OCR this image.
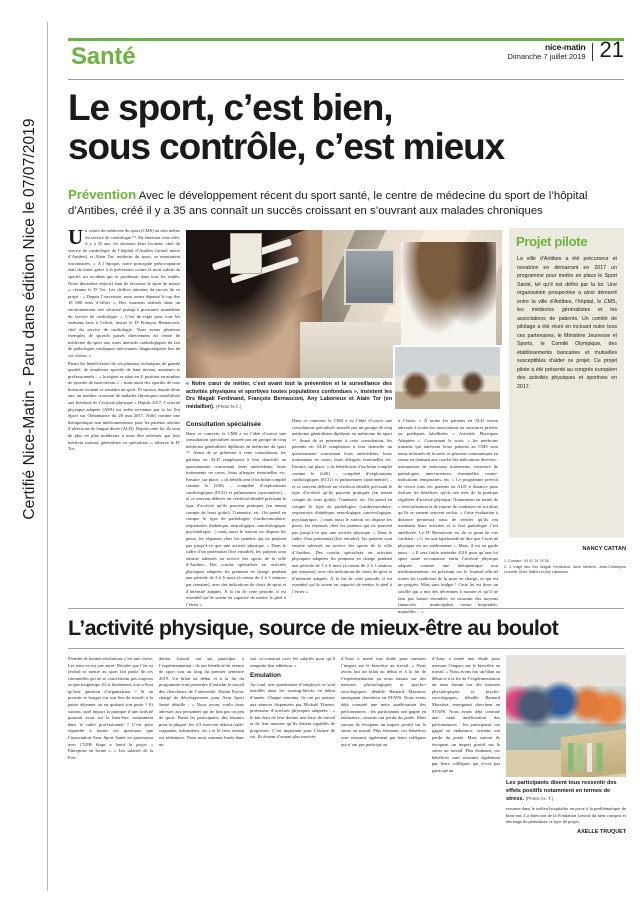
Certifié Nice-Matin - Paru dans édition Nice le 07/07/2019
Santé	nice-matin
Dimanche 7 juillet 2019 21
Le sport, c’est bien,
sous contrôle, c’est mieux
Prévention Avec le développement récent du sport santé, le centre de médecine du sport de l’hôpital d’Antibes, créé il y a 35 ans connaît un succès croissant en s’ouvrant aux malades chroniques

Un centre de médecine du sport (CMS) au sein même du service de cardiologie ⁽¹⁾. En émettant cette idée, il y a 35 ans, les docteurs Jean Leonetti, chef du service de cardiologie de l’hôpital d’Antibes (actuel maire d’Antibes) et Alain Tor, médecin du sport, se montraient visionnaires. « À l’époque, notre principale préoccupation était de lutter grâce à la prévention contre la mort subite du sportif, un accident qui se produisait dans tous les stades. Notre deuxième objectif était de favoriser le sport de masse », résume le Dʳ Tor. Les chiffres attestent du succès de ce projet : « Depuis l’ouverture, nous avons dépassé le cap des 18 000 tests d’effort ». Des examens réalisés dans un environnement très sécurisé puisqu’à proximité immédiate du service de cardiologie. « C’est de règle pour tous les examens faits à l’effort, insiste le Dʳ François Bernasconi, chef du service de cardiologie. Nous avons plusieurs exemples de sportifs passés directement du centre de médecine du sport aux soins intensifs cardiologiques du fait de pathologies cardiaques méconnues, diagnostiquées lors de ces visites. »

Parmi les bénéficiaires de ces plateaux techniques de grande qualité, de nombreux sportifs de haut niveau, amateurs et professionnels – « la région se situe en 2ᵉ position en nombre de sportifs de haut niveau » – mais aussi des sportifs de tous horizons voulant se remettre au sport. Et surtout, depuis deux ans, un nombre croissant de malades chroniques sensibilisés aux bienfaits de l’activité physique « Depuis 2017, l’activité physique adaptée (APA) est enfin reconnue par la loi [loi Sport sur Ordonnance du 29 mai 2017, Ndlr] comme une thérapeutique non médicamenteuse pour les patients atteints d’affections de longue durée (ALD). Depuis cette loi, ils sont de plus en plus nombreux à nous être adressés, par leur médecin traitant, généraliste ou spécialiste », observe le Dʳ Tor.

« Notre cœur de métier, c’est avant tout la prévention et la surveillance des activités physiques et sportives toutes populations confondues », insistent les Drs Magali Ferdinand, François Bernasconi, Any Laborieux et Alain Tor (en médaillon). (Photo N.C.)
Consultation spécialisée

Dans ce contexte, le CMS a eu l’idée d’ouvrir une consultation spécialisée assurée par un groupe de cinq médecins généralistes diplômés en médecine du sport ⁽²⁾. Avant de se présenter à cette consultation, les patients en ALD remplissent à leur domicile un questionnaire concernant leurs antécédents, leurs traitements en cours, leurs allergies éventuelles etc. Ensuite, sur place, « ils bénéficient d’un bilan complet comme le (h30) – complété d’explorations cardiologiques (ECG) et pulmonaires (spirométrie) – et ce souvent délivrer un certificat détaillé précisant le type d’activité qu’ils peuvent pratiquer (en tenant compte de leurs goûts), l’intensité, etc. On prend en compte le type de pathologies (cardiovasculaire, respiratoire, diabétique, neurologique, cancérologique, psychiatrique…) mais aussi le surtout on dispose les peurs, les réponses chez les patients qui ne peuvent pas jusqu’à-ce que une activité physique. « Dans le cadre d’un partenariat (lire encadré), les patients sont ensuite adressés au service des sports de la ville d’Antibes. Des coachs spécialisés en activités physiques adaptées les prennent en charge pendant une période de 3 à 6 mois (à raison de 2 à 3 séances par semaine), avec des indications de choix de sport et d’intensité adaptés. À la fin de cette période, il est essentiel qu’ils soient en capacité de mettre le pied à l’étrier »

Dans ce contexte, le CMS a eu l’idée d’ouvrir une consultation spécialisée assurée par un groupe de cinq médecins généralistes diplômés en médecine du sport ⁽²⁾. Avant de se présenter à cette consultation, les patients en ALD remplissent à leur domicile un questionnaire concernant leurs antécédents, leurs traitements en cours, leurs allergies éventuelles etc. Ensuite, sur place, « ils bénéficient d’un bilan complet comme le (h30) – complété d’explorations cardiologiques (ECG) et pulmonaires (spirométrie) – et ce souvent délivrer un certificat détaillé précisant le type d’activité qu’ils peuvent pratiquer (en tenant compte de leurs goûts), l’intensité, etc. On prend en compte le type de pathologies (cardiovasculaire, respiratoire, diabétique, neurologique, cancérologique, psychiatrique…) mais aussi le surtout on dispose les peurs, les réponses chez les patients qui ne peuvent pas jusqu’à-ce que une activité physique. « Dans le cadre d’un partenariat (lire encadré), les patients sont ensuite adressés au service des sports de la ville d’Antibes. Des coachs spécialisés en activités physiques adaptées les prennent en charge pendant une période de 3 à 6 mois (à raison de 2 à 3 séances par semaine), avec des indications de choix de sport et d’intensité adaptés. À la fin de cette période, il est essentiel qu’ils soient en capacité de mettre le pied à l’étrier »

à l’étrier. » À terme les patients en ALD seront adressés à toutes les associations ou structures privées ou publiques labellisées « Activités Physiques Adaptées ». Concernant le suivi, « les médecins traitants qui adressent leurs patients au CMS sont tenus informés de la suite, et peuvent communiquer en retour en donnant aux coachs des indications diverses : instauration de nouveaux traitements, existence de pathologies intercurrentes, éventuelles contre-indications temporaires, etc. » Le programme prévoit de revoir tous ces patients en ALD à distance pour évaluer les bénéfices qu’ils ont tirés de la pratique régulière d’activité physique. Notamment en terme de « resocialisation et de reprise de confiance en soi alors qu’ils se sentent souvent exclus. » Cette évaluation à distance permettra aussi de vérifier qu’ils ont maintenu leurs activités et si leur pathologie s’est améliorée. Le Dʳ Bernasconi est de ce point de vue confiant : « C’est une lapalissade de dire que l’activité physique est un médicament ». Mais, il est en garde aussi : « Il sera futile atteindre 2016 pour qu’une loi sport santé reconnaisse enfin l’activité physique adaptée comme une thérapeutique non médicamenteuse, en précisant sur le Journal officiel toutes les conditions de la prise en charge, ce qui est un progrès. Mais sans budget ! Cette loi est donc un soufflé qui a mis des décennies à monter et qu’il ne faut pas laisser retomber, en trouvant des moyens financiers : municipalité, centre hospitalier, mutuelles… »

NANCY CATTAN
1- Contact : 04 97 24 78 26
2- Il s’agit des Drs Magali Ferdinand, Ianis Mellerin, Jean-Christophe Leonetti, Brice Raffort et Any Laborieux
Projet pilote
La ville d’Antibes a été précurseur et novatrice en démarrant en 2017 un programme pour mettre en place le Sport Santé, tel qu’il est défini par la loi. Une organisation prospective a ainsi démarré entre la ville d’Antibes, l’hôpital, le CMS, les médecins généralistes et les associations de patients. Un comité de pilotage a été réuni en incluant outre tous ces partenaires, le Ministère Jeunesse et Sports, le Comité Olympique, des établissements bancaires et mutuelles susceptibles d’aider ce projet. Ce projet pilote a été présenté au congrès européen des activités physiques et sportives en 2017.
L’activité physique, source de mieux-être au boulot

Prendre de bonnes résolutions c’est une chose. Les tenir en est une autre. Décider que l’on va (enfin) se mettre au sport fait partie de ces ritournelles qui ne se concrétisent pas toujours ou pas longtemps. Et si finalement, tout n’était qu’une question d’organisation ? Si on pouvait se bouger sur son lieu de travail, à la pause déjeuner ou en quittant son poste ? Et surtout, quel impact la pratique d’une activité pourrait avoir sur le bien-être, notamment dans le cadre professionnel ? C’est pour répondre à toutes ces questions que l’association Azur Sport Santé en partenariat avec l’UFR Staps a lancé le projet « Entreprise en forme ». « Les salariés de la Fon-

dation Lenval ont pu participer à l’expérimentation : ils ont bénéficié de séance de sport tout au long du premier semestre 2019. Un bilan au début et à la fin du programme vont permettre d’enrichir le travail des chercheurs de l’université. Dusan Pjevac chargé de développement pour Azur Sport Santé détaille : « Nous avons voulu nous adresser aux personnes qui ne font pas ou peu de sport. Parmi les participants, des femmes pour la plupart, les 2/3 exercent debout (aide-soignants, infirmières, etc.) et le tiers restant est sédentaire. Nous nous sommes basés dans un

soit co-construit avec les salariés pour qu’il remporte leur adhésion. »

Emulation

Au total, une quarantaine d’employés se sont installés dans les starting-blocks en début d’année. Chaque semaine, ils ont pu assister aux séances dispensées par Mickaël Ybanez, professeur d’activités physiques adaptées : « le but était de leur donner une base de travail et de leur montrer qu’ils étaient capables de progresser. C’est important pour l’estime de soi. Ils étaient d’autant plus motivés

d’Azur a mené une étude pour mesurer l’impact sur le bien-être au travail. « Nous avons fait un bilan au début et à la fin de l’expérimentation en nous basant sur des mesures physiologiques et psycho-sociologiques, détaille Bernard Massiera, enseignant chercheur en STAPS. Nous avons déjà constaté une nette amélioration des performances : les participants ont gagné en endurance, certains ont perdu du poids. Mais surtout ils évoquent un impact positif sur le stress au travail. Plus étonnant, ces bénéfices sont ressentis également par leurs collègues qui n’ont pas participé au

d’Azur a mené une étude pour mesurer l’impact sur le bien-être au travail. « Nous avons fait un bilan au début et à la fin de l’expérimentation en nous basant sur des mesures physiologiques et psycho-sociologiques, détaille Bernard Massiera, enseignant chercheur en STAPS. Nous avons déjà constaté une nette amélioration des performances : les participants ont gagné en endurance, certains ont perdu du poids. Mais surtout ils évoquent un impact positif sur le stress au travail. Plus étonnant, ces bénéfices sont ressentis également par leurs collègues qui n’ont pas participé au

Les participants disent tous ressentir des effets positifs notamment en termes de stress. (Photo Ax. T.)

ressante dans le milieu hospitalier en proie à la problématique de burn-out. La direction de la Fondation Lenval lui bien compris et envisage de pérenniser ce type de projet.

AXELLE TRUQUET
